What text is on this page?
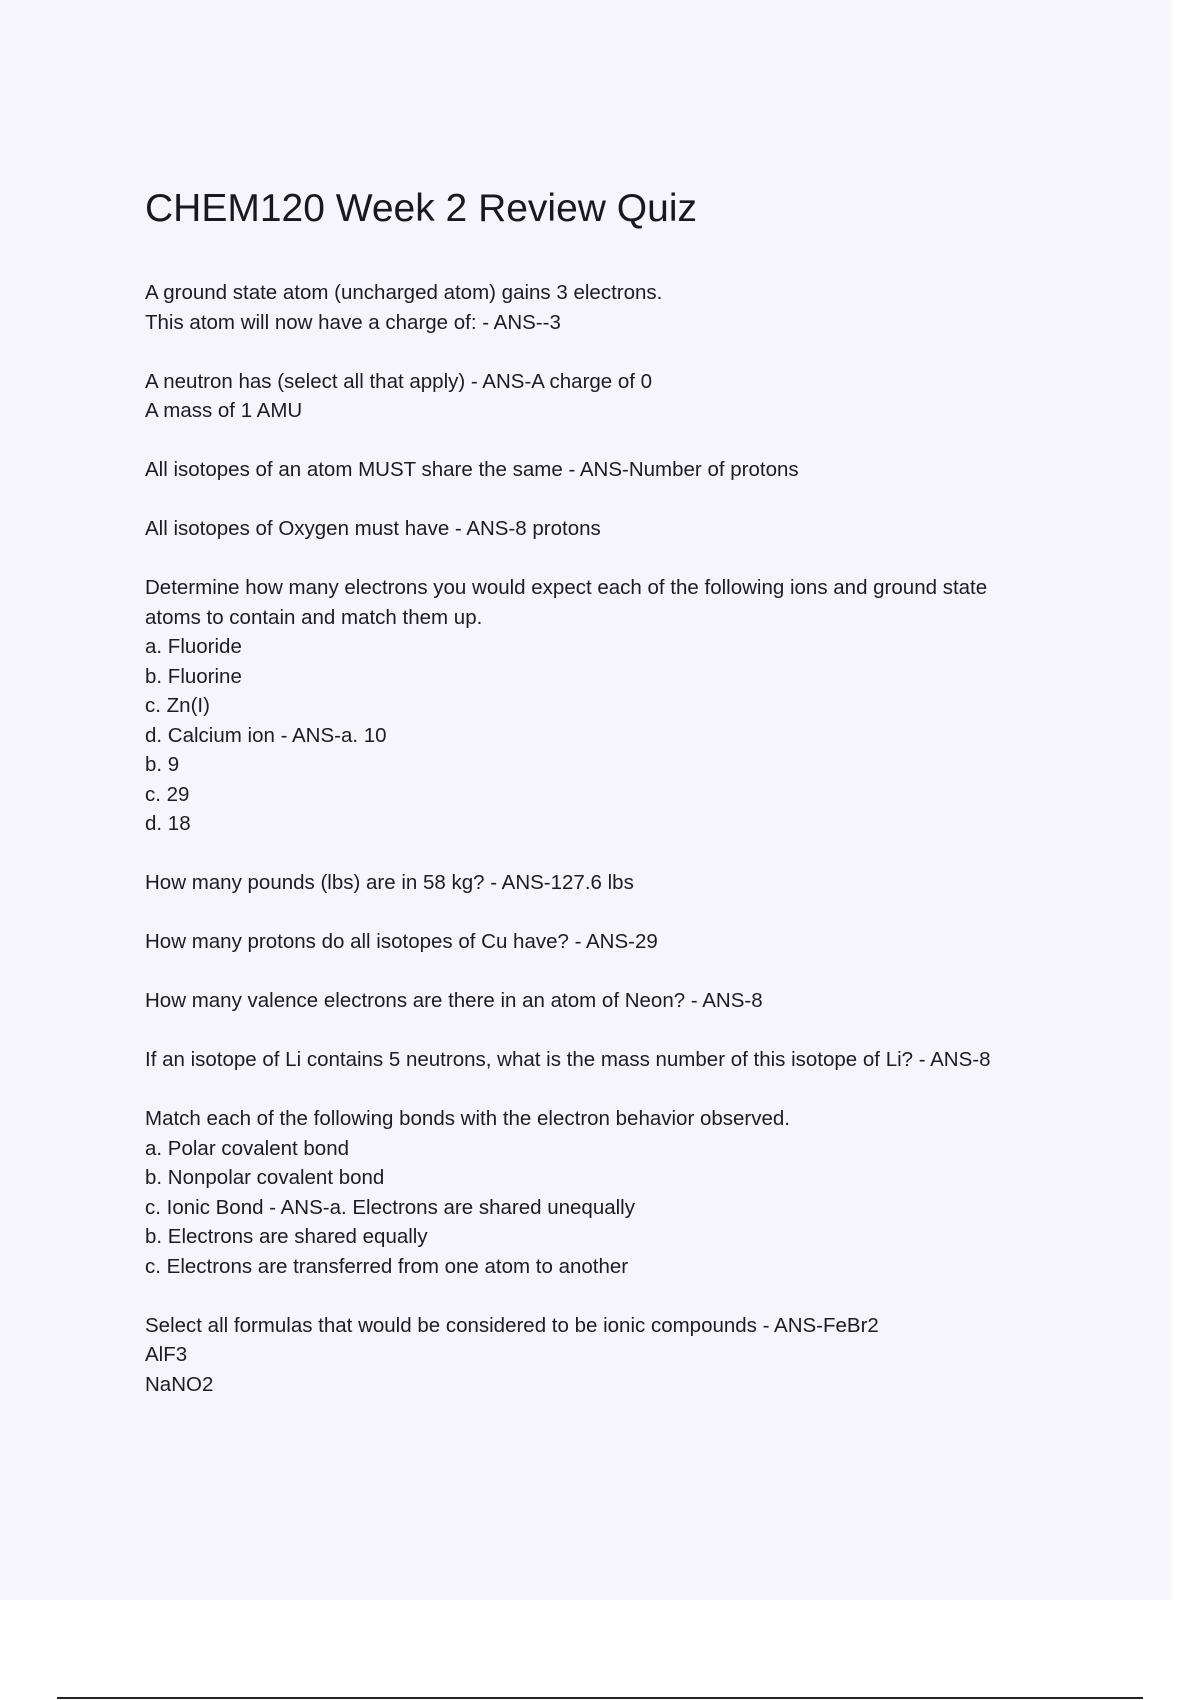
CHEM120 Week 2 Review Quiz
A ground state atom (uncharged atom) gains 3 electrons.
This atom will now have a charge of: - ANS--3
A neutron has (select all that apply) - ANS-A charge of 0
A mass of 1 AMU
All isotopes of an atom MUST share the same - ANS-Number of protons
All isotopes of Oxygen must have - ANS-8 protons
Determine how many electrons you would expect each of the following ions and ground state
atoms to contain and match them up.
a. Fluoride
b. Fluorine
c. Zn(I)
d. Calcium ion - ANS-a. 10
b. 9
c. 29
d. 18
How many pounds (lbs) are in 58 kg? - ANS-127.6 lbs
How many protons do all isotopes of Cu have? - ANS-29
How many valence electrons are there in an atom of Neon? - ANS-8
If an isotope of Li contains 5 neutrons, what is the mass number of this isotope of Li? - ANS-8
Match each of the following bonds with the electron behavior observed.
a. Polar covalent bond
b. Nonpolar covalent bond
c. Ionic Bond - ANS-a. Electrons are shared unequally
b. Electrons are shared equally
c. Electrons are transferred from one atom to another
Select all formulas that would be considered to be ionic compounds - ANS-FeBr2
AlF3
NaNO2
